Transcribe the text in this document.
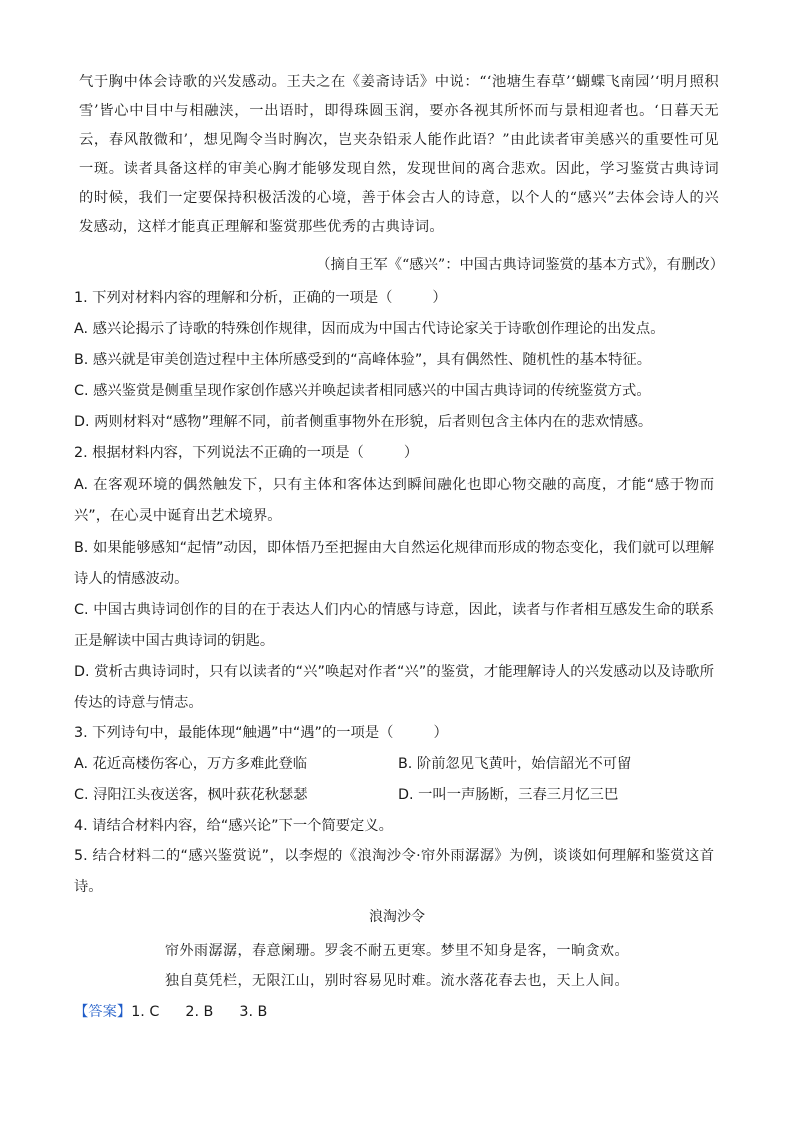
气于胸中体会诗歌的兴发感动。王夫之在《姜斋诗话》中说：“‘池塘生春草’‘蝴蝶飞南园’‘明月照积雪’皆心中目中与相融浃，一出语时，即得珠圆玉润，要亦各视其所怀而与景相迎者也。‘日暮天无云，春风散微和’，想见陶令当时胸次，岂夹杂铅汞人能作此语？”由此读者审美感兴的重要性可见一斑。读者具备这样的审美心胸才能够发现自然，发现世间的离合悲欢。因此，学习鉴赏古典诗词的时候，我们一定要保持积极活泼的心境，善于体会古人的诗意，以个人的“感兴”去体会诗人的兴发感动，这样才能真正理解和鉴赏那些优秀的古典诗词。

（摘自王军《“感兴”：中国古典诗词鉴赏的基本方式》，有删改）

1. 下列对材料内容的理解和分析，正确的一项是（	）

A. 感兴论揭示了诗歌的特殊创作规律，因而成为中国古代诗论家关于诗歌创作理论的出发点。

B. 感兴就是审美创造过程中主体所感受到的“高峰体验”，具有偶然性、随机性的基本特征。

C. 感兴鉴赏是侧重呈现作家创作感兴并唤起读者相同感兴的中国古典诗词的传统鉴赏方式。

D. 两则材料对“感物”理解不同，前者侧重事物外在形貌，后者则包含主体内在的悲欢情感。

2. 根据材料内容，下列说法不正确的一项是（	）

A. 在客观环境的偶然触发下，只有主体和客体达到瞬间融化也即心物交融的高度，才能“感于物而兴”，在心灵中诞育出艺术境界。

B. 如果能够感知“起情”动因，即体悟乃至把握由大自然运化规律而形成的物态变化，我们就可以理解诗人的情感波动。

C. 中国古典诗词创作的目的在于表达人们内心的情感与诗意，因此，读者与作者相互感发生命的联系正是解读中国古典诗词的钥匙。

D. 赏析古典诗词时，只有以读者的“兴”唤起对作者“兴”的鉴赏，才能理解诗人的兴发感动以及诗歌所传达的诗意与情志。

3. 下列诗句中，最能体现“触遇”中“遇”的一项是（	）

A. 花近高楼伤客心，万方多难此登临	B. 阶前忽见飞黄叶，始信韶光不可留

C. 浔阳江头夜送客，枫叶荻花秋瑟瑟	D. 一叫一声肠断，三春三月忆三巴

4. 请结合材料内容，给“感兴论”下一个简要定义。

5. 结合材料二的“感兴鉴赏说”，以李煜的《浪淘沙令·帘外雨潺潺》为例，谈谈如何理解和鉴赏这首诗。

浪淘沙令

帘外雨潺潺，春意阑珊。罗衾不耐五更寒。梦里不知身是客，一晌贪欢。

独自莫凭栏，无限江山，别时容易见时难。流水落花春去也，天上人间。

【答案】1. C 2. B 3. B
